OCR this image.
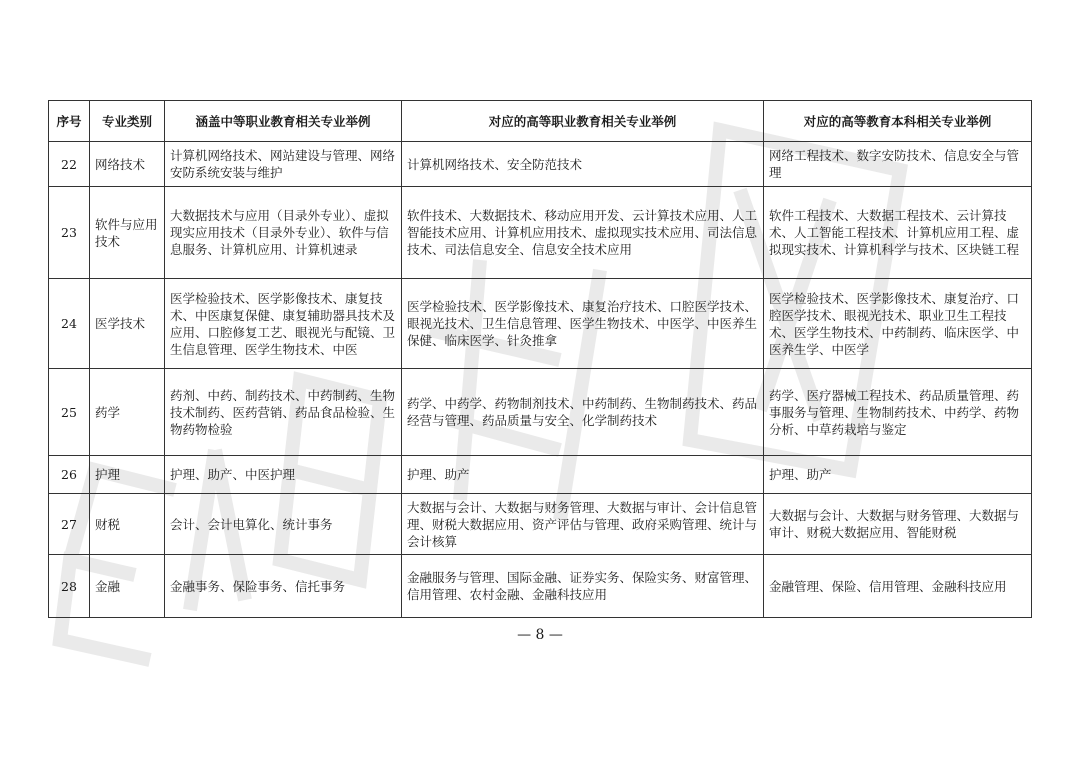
序号	专业类别	涵盖中等职业教育相关专业举例	对应的高等职业教育相关专业举例	对应的高等教育本科相关专业举例
22	网络技术	计算机网络技术、网站建设与管理、网络安防系统安装与维护	计算机网络技术、安全防范技术	网络工程技术、数字安防技术、信息安全与管理
23	软件与应用技术	大数据技术与应用（目录外专业）、虚拟现实应用技术（目录外专业）、软件与信息服务、计算机应用、计算机速录	软件技术、大数据技术、移动应用开发、云计算技术应用、人工智能技术应用、计算机应用技术、虚拟现实技术应用、司法信息技术、司法信息安全、信息安全技术应用	软件工程技术、大数据工程技术、云计算技术、人工智能工程技术、计算机应用工程、虚拟现实技术、计算机科学与技术、区块链工程
24	医学技术	医学检验技术、医学影像技术、康复技术、中医康复保健、康复辅助器具技术及应用、口腔修复工艺、眼视光与配镜、卫生信息管理、医学生物技术、中医	医学检验技术、医学影像技术、康复治疗技术、口腔医学技术、眼视光技术、卫生信息管理、医学生物技术、中医学、中医养生保健、临床医学、针灸推拿	医学检验技术、医学影像技术、康复治疗、口腔医学技术、眼视光技术、职业卫生工程技术、医学生物技术、中药制药、临床医学、中医养生学、中医学
25	药学	药剂、中药、制药技术、中药制药、生物技术制药、医药营销、药品食品检验、生物药物检验	药学、中药学、药物制剂技术、中药制药、生物制药技术、药品经营与管理、药品质量与安全、化学制药技术	药学、医疗器械工程技术、药品质量管理、药事服务与管理、生物制药技术、中药学、药物分析、中草药栽培与鉴定
26	护理	护理、助产、中医护理	护理、助产	护理、助产
27	财税	会计、会计电算化、统计事务	大数据与会计、大数据与财务管理、大数据与审计、会计信息管理、财税大数据应用、资产评估与管理、政府采购管理、统计与会计核算	大数据与会计、大数据与财务管理、大数据与审计、财税大数据应用、智能财税
28	金融	金融事务、保险事务、信托事务	金融服务与管理、国际金融、证券实务、保险实务、财富管理、信用管理、农村金融、金融科技应用	金融管理、保险、信用管理、金融科技应用
— 8 —
